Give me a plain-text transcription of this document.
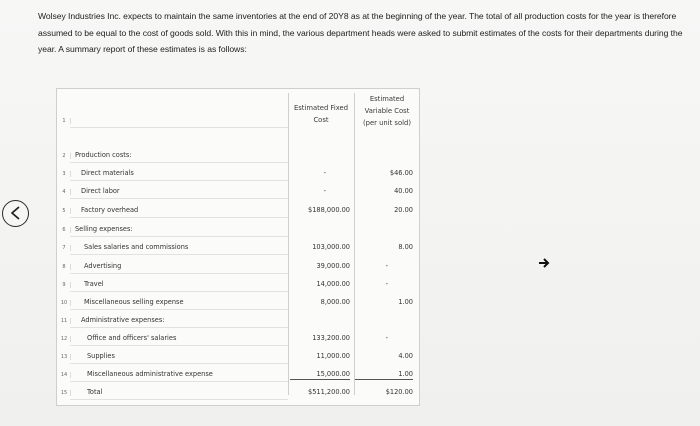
Wolsey Industries Inc. expects to maintain the same inventories at the end of 20Y8 as at the beginning of the year. The total of all production costs for the year is therefore assumed to be equal to the cost of goods sold. With this in mind, the various department heads were asked to submit estimates of the costs for their departments during the year. A summary report of these estimates is as follows:
Estimated Fixed Cost
Estimated Variable Cost (per unit sold)
1
2	Production costs:
3	Direct materials	-	$46.00
4	Direct labor	-	40.00
5	Factory overhead	$188,000.00	20.00
6	Selling expenses:
7	Sales salaries and commissions	103,000.00	8.00
8	Advertising	39,000.00	-
9	Travel	14,000.00	-
10	Miscellaneous selling expense	8,000.00	1.00
11	Administrative expenses:
12	Office and officers' salaries	133,200.00	-
13	Supplies	11,000.00	4.00
14	Miscellaneous administrative expense	15,000.00	1.00
15	Total	$511,200.00	$120.00
